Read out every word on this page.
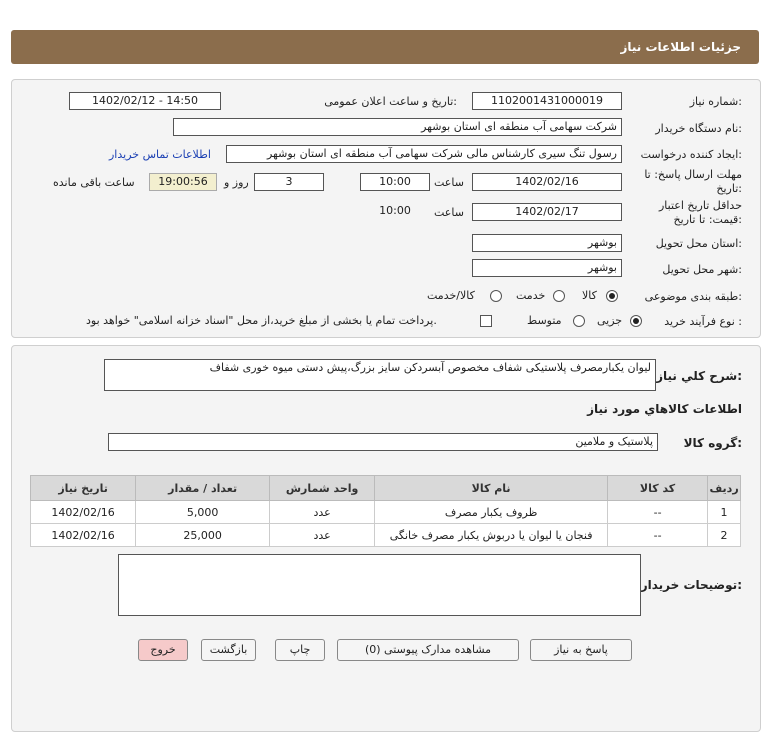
جزئیات اطلاعات نیاز
شماره نیاز:
1102001431000019
تاریخ و ساعت اعلان عمومی:
1402/02/12 - 14:50
نام دستگاه خریدار:
شرکت سهامی آب منطقه ای استان بوشهر
ایجاد کننده درخواست:
رسول تنگ سیری کارشناس مالی شرکت سهامی آب منطقه ای استان بوشهر
اطلاعات تماس خریدار
مهلت ارسال پاسخ: تا
تاریخ:
1402/02/16
ساعت
10:00
3
روز و
19:00:56
ساعت باقی مانده
حداقل تاریخ اعتبار
قیمت: تا تاریخ:
1402/02/17
ساعت
10:00
استان محل تحویل:
بوشهر
شهر محل تحویل:
بوشهر
طبقه بندی موضوعی:
کالا
خدمت
کالا/خدمت
نوع فرآیند خرید :
جزیی
متوسط
پرداخت تمام یا بخشی از مبلغ خرید،از محل "اسناد خزانه اسلامی" خواهد بود.
شرح کلي نياز:
لیوان یکبارمصرف پلاستیکی شفاف مخصوص آبسردکن سایز بزرگ،پیش دستی میوه خوری شفاف
اطلاعات کالاهاي مورد نياز
گروه کالا:
پلاستیک و ملامین
ردیف	کد کالا	نام کالا	واحد شمارش	تعداد / مقدار	تاریخ نیاز
1	--	ظروف یکبار مصرف	عدد	5,000	1402/02/16
2	--	فنجان یا لیوان یا دربوش یکبار مصرف خانگی	عدد	25,000	1402/02/16
توضیحات خریدار:
پاسخ به نیاز
مشاهده مدارک پیوستی (0)
چاپ
بازگشت
خروج
